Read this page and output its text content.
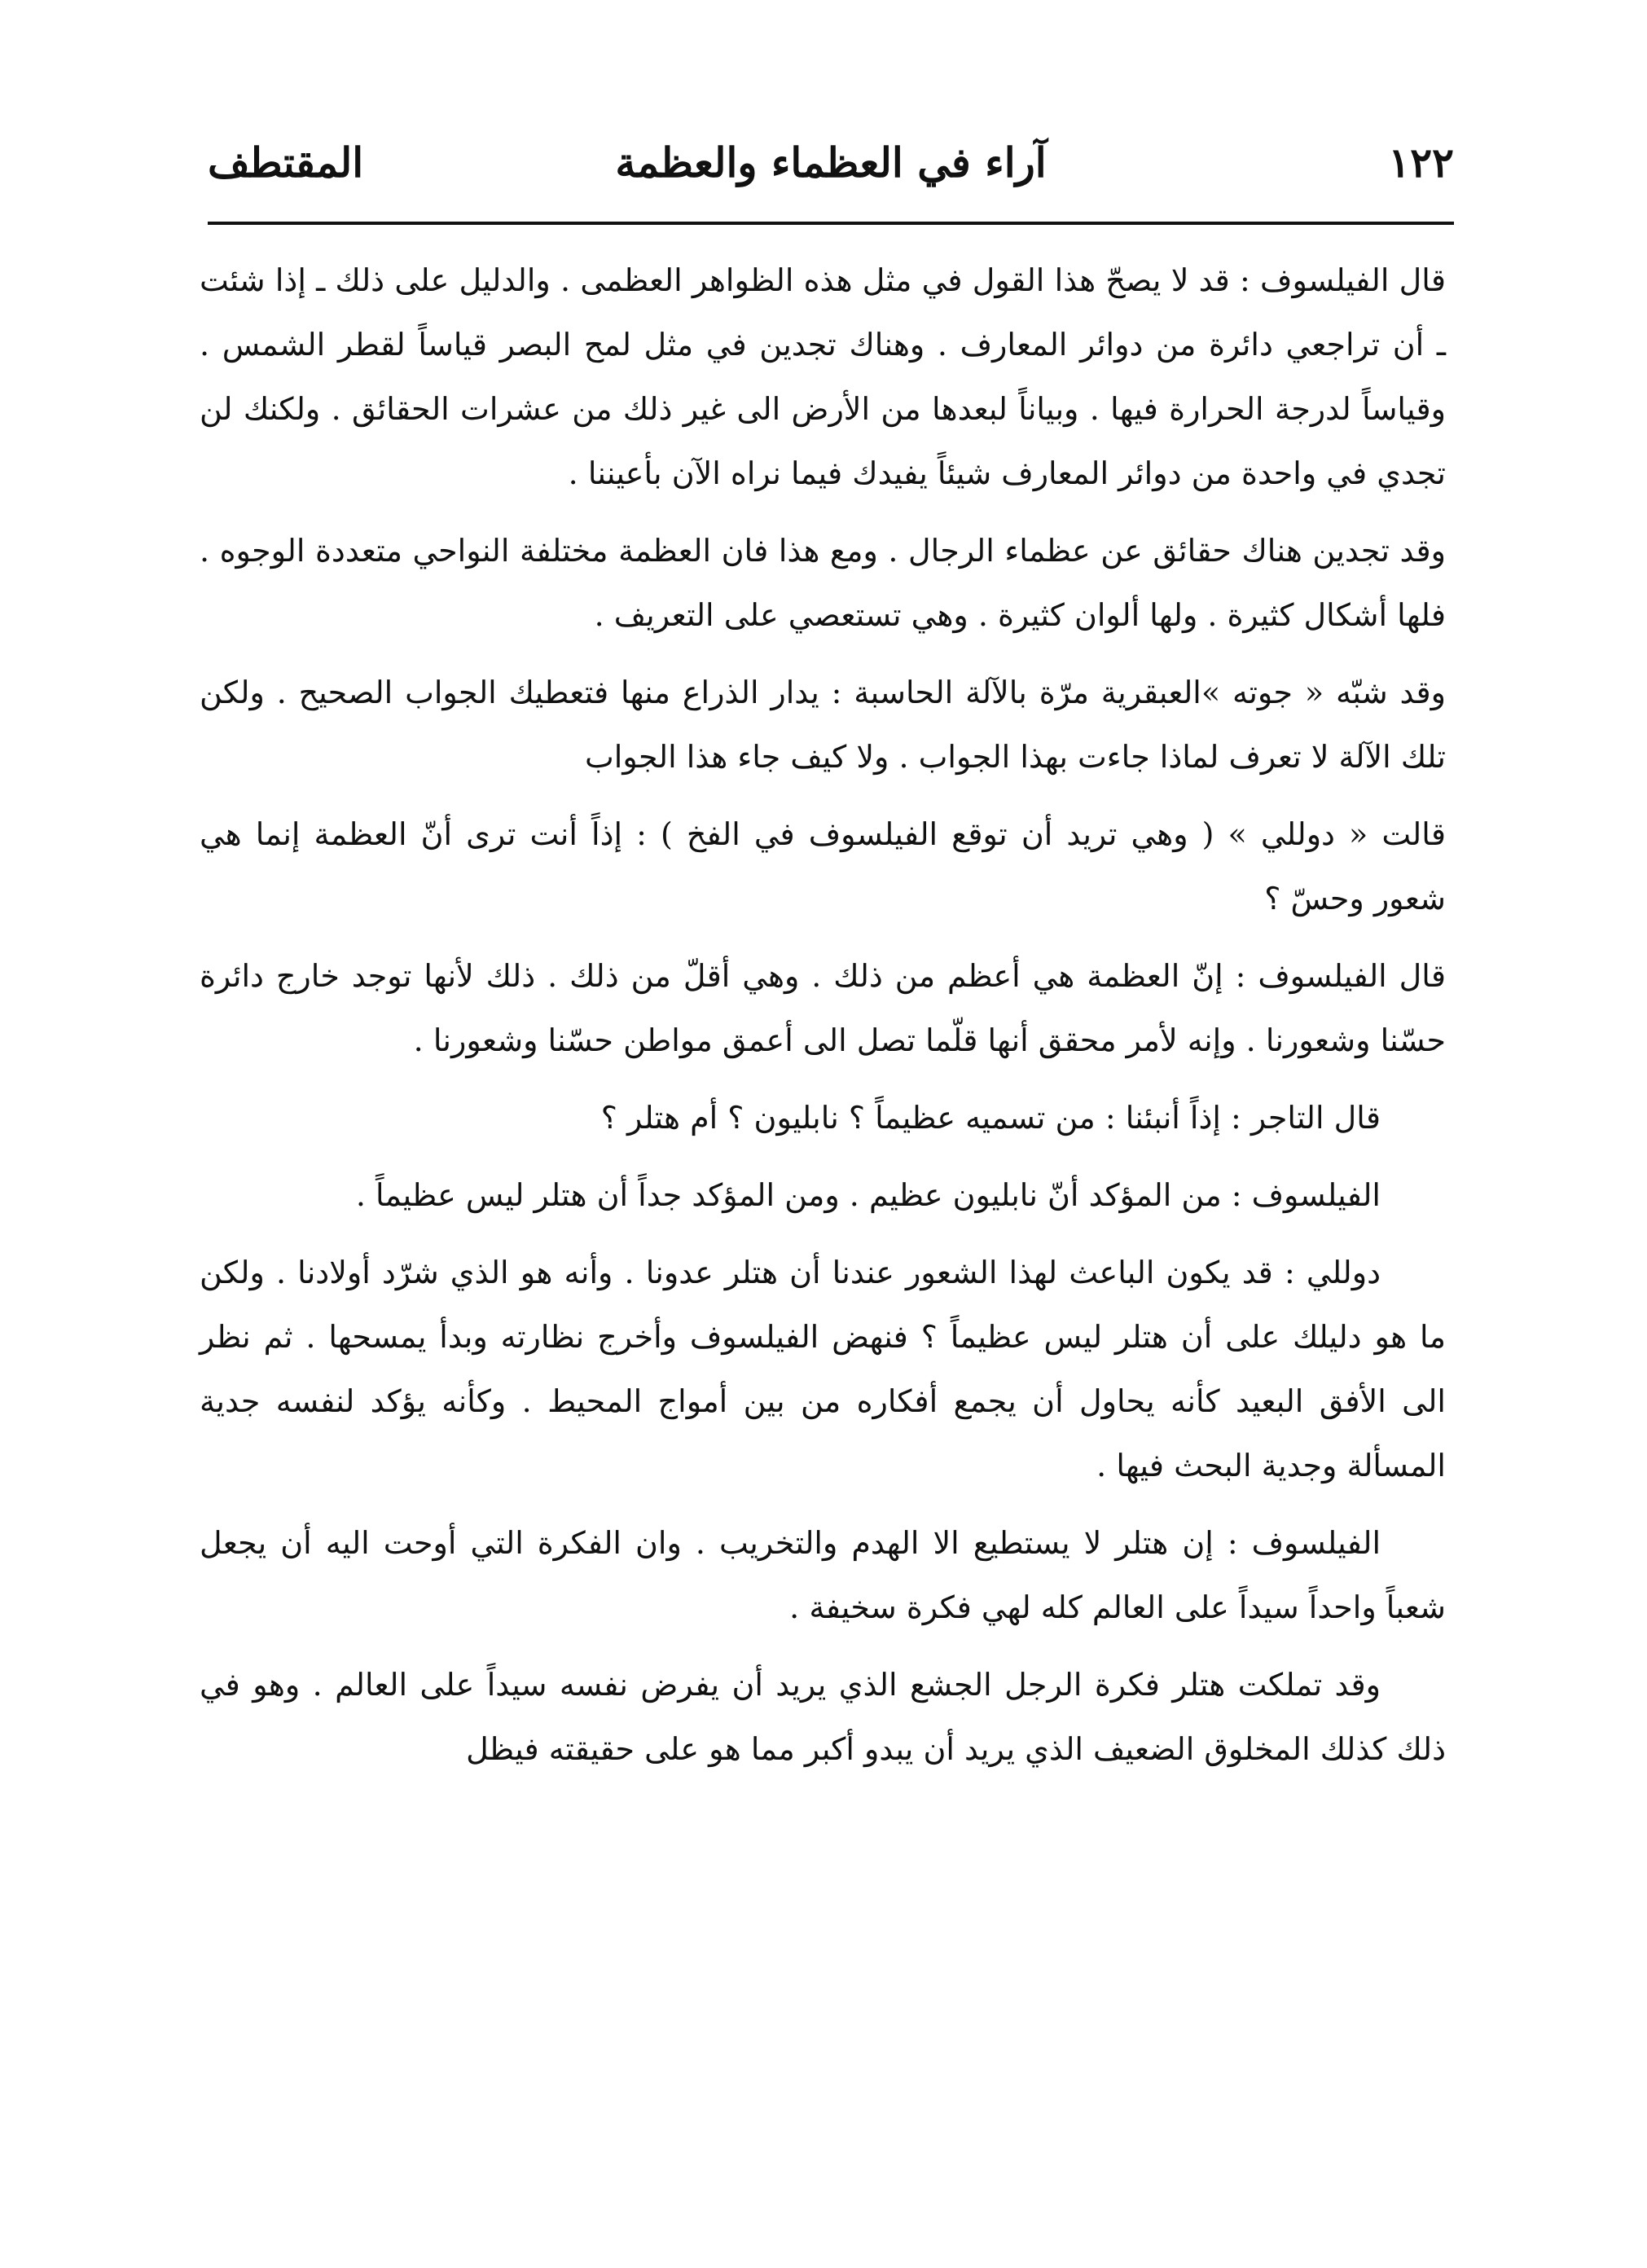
١٢٢
آراء في العظماء والعظمة
المقتطف

قال الفيلسوف : قد لا يصحّ هذا القول في مثل هذه الظواهر العظمى . والدليل على ذلك ـ إذا شئت ـ أن تراجعي دائرة من دوائر المعارف . وهناك تجدين في مثل لمح البصر قياساً لقطر الشمس . وقياساً لدرجة الحرارة فيها . وبياناً لبعدها من الأرض الى غير ذلك من عشرات الحقائق . ولكنك لن تجدي في واحدة من دوائر المعارف شيئاً يفيدك فيما نراه الآن بأعيننا .

وقد تجدين هناك حقائق عن عظماء الرجال . ومع هذا فان العظمة مختلفة النواحي متعددة الوجوه . فلها أشكال كثيرة . ولها ألوان كثيرة . وهي تستعصي على التعريف .

وقد شبّه « جوته »العبقرية مرّة بالآلة الحاسبة : يدار الذراع منها فتعطيك الجواب الصحيح . ولكن تلك الآلة لا تعرف لماذا جاءت بهذا الجواب . ولا كيف جاء هذا الجواب

قالت « دوللي » ( وهي تريد أن توقع الفيلسوف في الفخ ) : إذاً أنت ترى أنّ العظمة إنما هي شعور وحسّ ؟

قال الفيلسوف : إنّ العظمة هي أعظم من ذلك . وهي أقلّ من ذلك . ذلك لأنها توجد خارج دائرة حسّنا وشعورنا . وإنه لأمر محقق أنها قلّما تصل الى أعمق مواطن حسّنا وشعورنا .

قال التاجر : إذاً أنبئنا : من تسميه عظيماً ؟ نابليون ؟ أم هتلر ؟

الفيلسوف : من المؤكد أنّ نابليون عظيم . ومن المؤكد جداً أن هتلر ليس عظيماً .

دوللي : قد يكون الباعث لهذا الشعور عندنا أن هتلر عدونا . وأنه هو الذي شرّد أولادنا . ولكن ما هو دليلك على أن هتلر ليس عظيماً ؟ فنهض الفيلسوف وأخرج نظارته وبدأ يمسحها . ثم نظر الى الأفق البعيد كأنه يحاول أن يجمع أفكاره من بين أمواج المحيط . وكأنه يؤكد لنفسه جدية المسألة وجدية البحث فيها .

الفيلسوف : إن هتلر لا يستطيع الا الهدم والتخريب . وان الفكرة التي أوحت اليه أن يجعل شعباً واحداً سيداً على العالم كله لهي فكرة سخيفة .

وقد تملكت هتلر فكرة الرجل الجشع الذي يريد أن يفرض نفسه سيداً على العالم . وهو في ذلك كذلك المخلوق الضعيف الذي يريد أن يبدو أكبر مما هو على حقيقته فيظل
